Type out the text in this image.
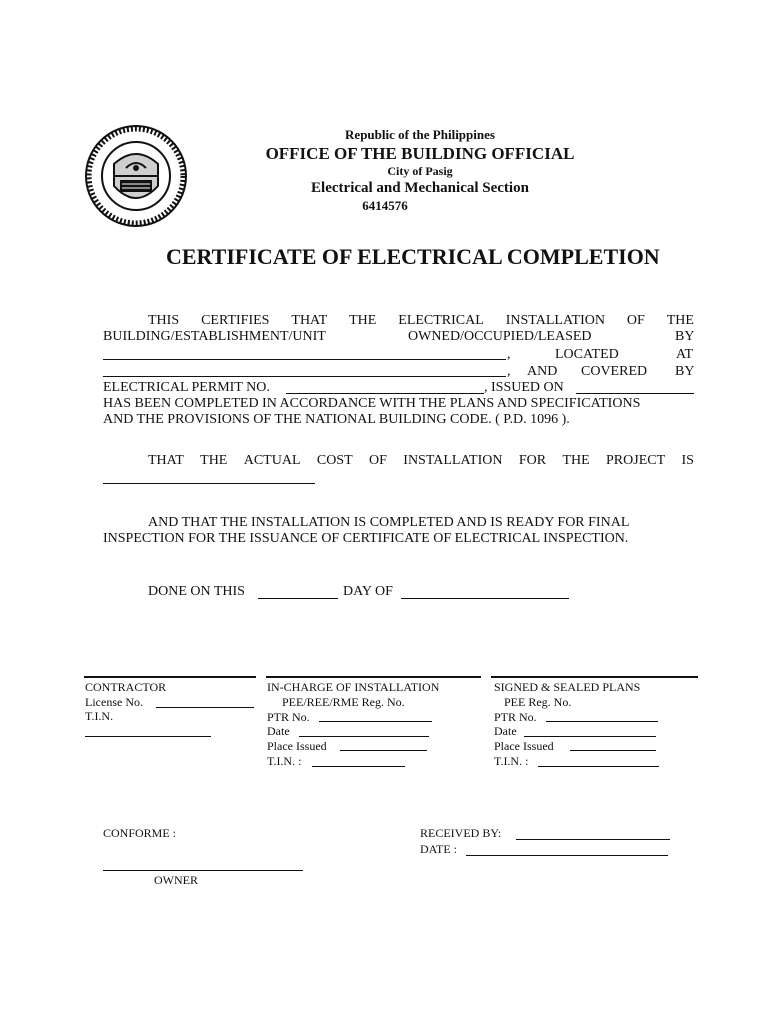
Republic of the Philippines
OFFICE OF THE BUILDING OFFICIAL
City of Pasig
Electrical and Mechanical Section
6414576
CERTIFICATE OF ELECTRICAL COMPLETION
THIS CERTIFIES THAT THE ELECTRICAL INSTALLATION OF THE
BUILDING/ESTABLISHMENT/UNIT	OWNED/OCCUPIED/LEASED	BY
,	LOCATED	AT
, AND COVERED BY
ELECTRICAL PERMIT NO.	, ISSUED ON
HAS BEEN COMPLETED IN ACCORDANCE WITH THE PLANS AND SPECIFICATIONS
AND THE PROVISIONS OF THE NATIONAL BUILDING CODE. ( P.D. 1096 ).
THAT THE ACTUAL COST OF INSTALLATION FOR THE PROJECT IS
AND THAT THE INSTALLATION IS COMPLETED AND IS READY FOR FINAL
INSPECTION FOR THE ISSUANCE OF CERTIFICATE OF ELECTRICAL INSPECTION.
DONE ON THIS	DAY OF
CONTRACTOR
License No.
T.I.N.
IN-CHARGE OF INSTALLATION
PEE/REE/RME Reg. No.
PTR No.
Date
Place Issued
T.I.N. :
SIGNED & SEALED PLANS
PEE Reg. No.
PTR No.
Date
Place Issued
T.I.N. :
CONFORME :
OWNER
RECEIVED BY:
DATE :
